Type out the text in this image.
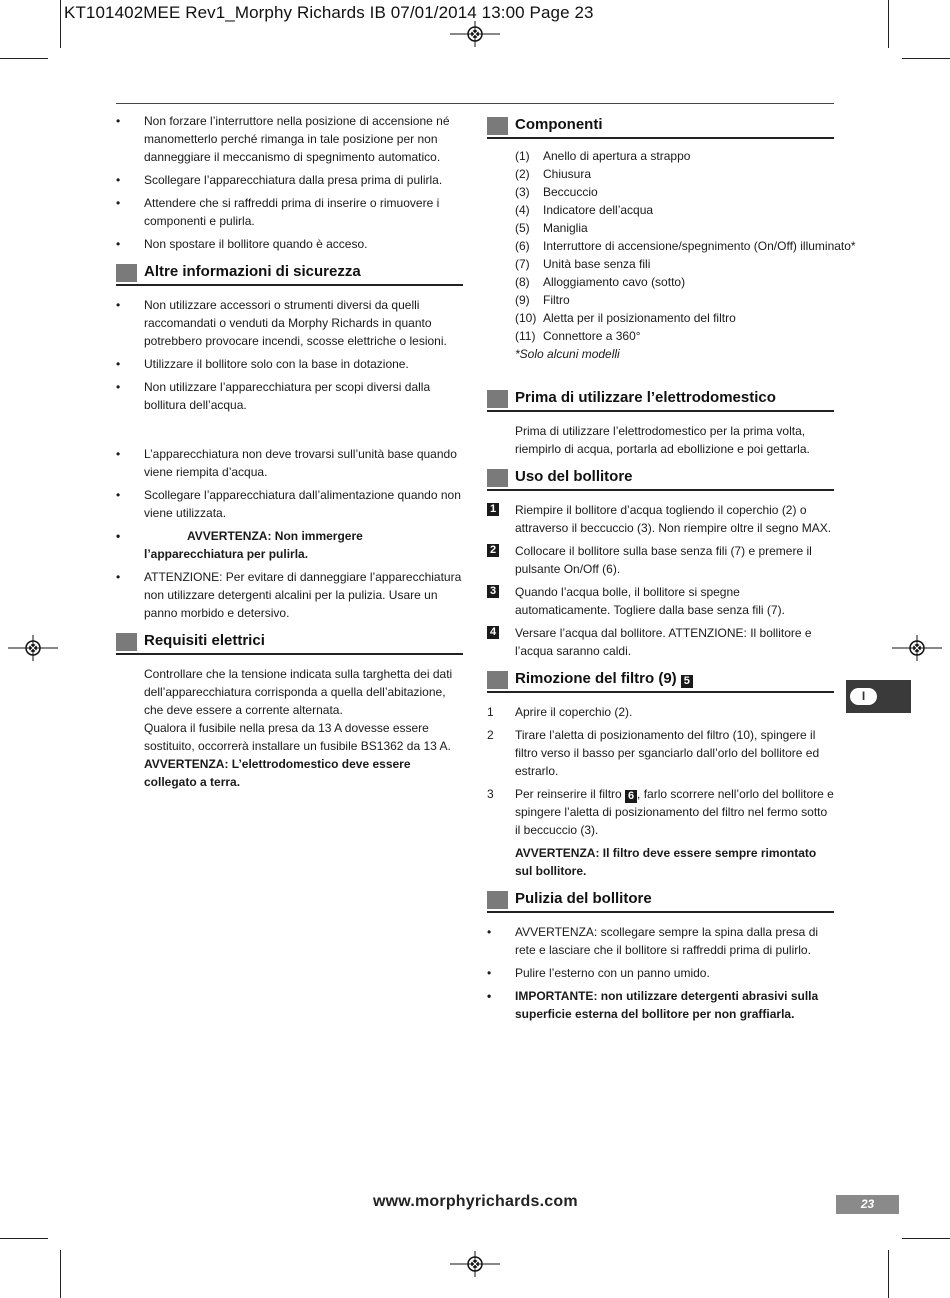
KT101402MEE Rev1_Morphy Richards IB 07/01/2014 13:00 Page 23
• Non forzare l’interruttore nella posizione di accensione né manometterlo perché rimanga in tale posizione per non danneggiare il meccanismo di spegnimento automatico.
• Scollegare l’apparecchiatura dalla presa prima di pulirla.
• Attendere che si raffreddi prima di inserire o rimuovere i componenti e pulirla.
• Non spostare il bollitore quando è acceso.
Altre informazioni di sicurezza
• Non utilizzare accessori o strumenti diversi da quelli raccomandati o venduti da Morphy Richards in quanto potrebbero provocare incendi, scosse elettriche o lesioni.
• Utilizzare il bollitore solo con la base in dotazione.
• Non utilizzare l’apparecchiatura per scopi diversi dalla bollitura dell’acqua.
• L’apparecchiatura non deve trovarsi sull’unità base quando viene riempita d’acqua.
• Scollegare l’apparecchiatura dall’alimentazione quando non viene utilizzata.
•	AVVERTENZA: Non immergere l’apparecchiatura per pulirla.
• ATTENZIONE: Per evitare di danneggiare l’apparecchiatura non utilizzare detergenti alcalini per la pulizia. Usare un panno morbido e detersivo.
Requisiti elettrici

Controllare che la tensione indicata sulla targhetta dei dati dell’apparecchiatura corrisponda a quella dell’abitazione, che deve essere a corrente alternata.

Qualora il fusibile nella presa da 13 A dovesse essere sostituito, occorrerà installare un fusibile BS1362 da 13 A.

AVVERTENZA: L’elettrodomestico deve essere collegato a terra.

Componenti
(1) Anello di apertura a strappo
(2) Chiusura
(3) Beccuccio
(4) Indicatore dell’acqua
(5) Maniglia
(6) Interruttore di accensione/spegnimento (On/Off) illuminato*
(7) Unità base senza fili
(8) Alloggiamento cavo (sotto)
(9) Filtro
(10) Aletta per il posizionamento del filtro
(11) Connettore a 360°

*Solo alcuni modelli

Prima di utilizzare l’elettrodomestico

Prima di utilizzare l’elettrodomestico per la prima volta, riempirlo di acqua, portarla ad ebollizione e poi gettarla.

Uso del bollitore
1 Riempire il bollitore d’acqua togliendo il coperchio (2) o attraverso il beccuccio (3). Non riempire oltre il segno MAX.
2 Collocare il bollitore sulla base senza fili (7) e premere il pulsante On/Off (6).
3 Quando l’acqua bolle, il bollitore si spegne automaticamente. Togliere dalla base senza fili (7).
4 Versare l’acqua dal bollitore. ATTENZIONE: Il bollitore e l’acqua saranno caldi.
Rimozione del filtro (9) 5
1 Aprire il coperchio (2).
2 Tirare l’aletta di posizionamento del filtro (10), spingere il filtro verso il basso per sganciarlo dall’orlo del bollitore ed estrarlo.
3 Per reinserire il filtro 6 , farlo scorrere nell’orlo del bollitore e spingere l’aletta di posizionamento del filtro nel fermo sotto il beccuccio (3).

AVVERTENZA: Il filtro deve essere sempre rimontato sul bollitore.

Pulizia del bollitore
• AVVERTENZA: scollegare sempre la spina dalla presa di rete e lasciare che il bollitore si raffreddi prima di pulirlo.
• Pulire l’esterno con un panno umido.
• IMPORTANTE: non utilizzare detergenti abrasivi sulla superficie esterna del bollitore per non graffiarla.
I
www.morphyrichards.com	23
